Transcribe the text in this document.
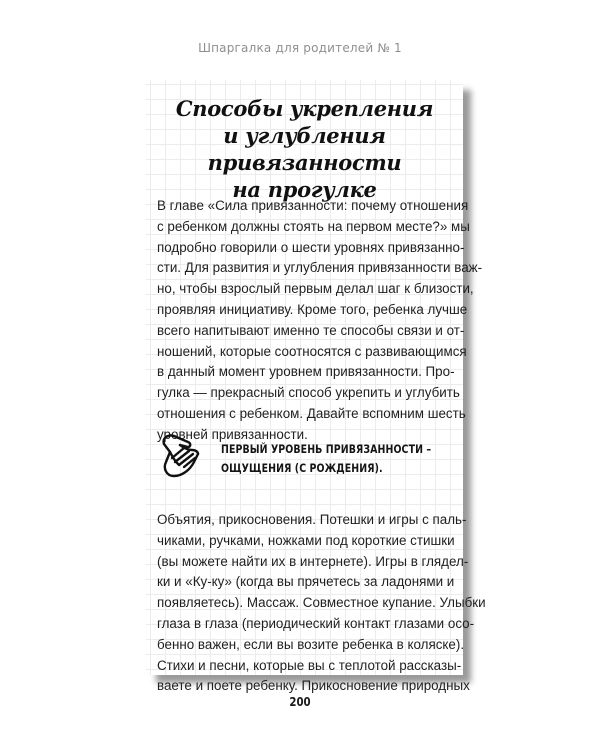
Шпаргалка для родителей № 1
Способы укрепления
и углубления привязанности
на прогулке
В главе «Сила привязанности: почему отношения
с ребенком должны стоять на первом месте?» мы
подробно говорили о шести уровнях привязанно-
сти. Для развития и углубления привязанности важ-
но, чтобы взрослый первым делал шаг к близости,
проявляя инициативу. Кроме того, ребенка лучше
всего напитывают именно те способы связи и от-
ношений, которые соотносятся с развивающимся
в данный момент уровнем привязанности. Про-
гулка — прекрасный способ укрепить и углубить
отношения с ребенком. Давайте вспомним шесть
уровней привязанности.
ПЕРВЫЙ УРОВЕНЬ ПРИВЯЗАННОСТИ –
ОЩУЩЕНИЯ (С РОЖДЕНИЯ).
Объятия, прикосновения. Потешки и игры с паль-
чиками, ручками, ножками под короткие стишки
(вы можете найти их в интернете). Игры в глядел-
ки и «Ку-ку» (когда вы прячетесь за ладонями и
появляетесь). Массаж. Совместное купание. Улыбки
глаза в глаза (периодический контакт глазами осо-
бенно важен, если вы возите ребенка в коляске).
Стихи и песни, которые вы с теплотой рассказы-
ваете и поете ребенку. Прикосновение природных
200
